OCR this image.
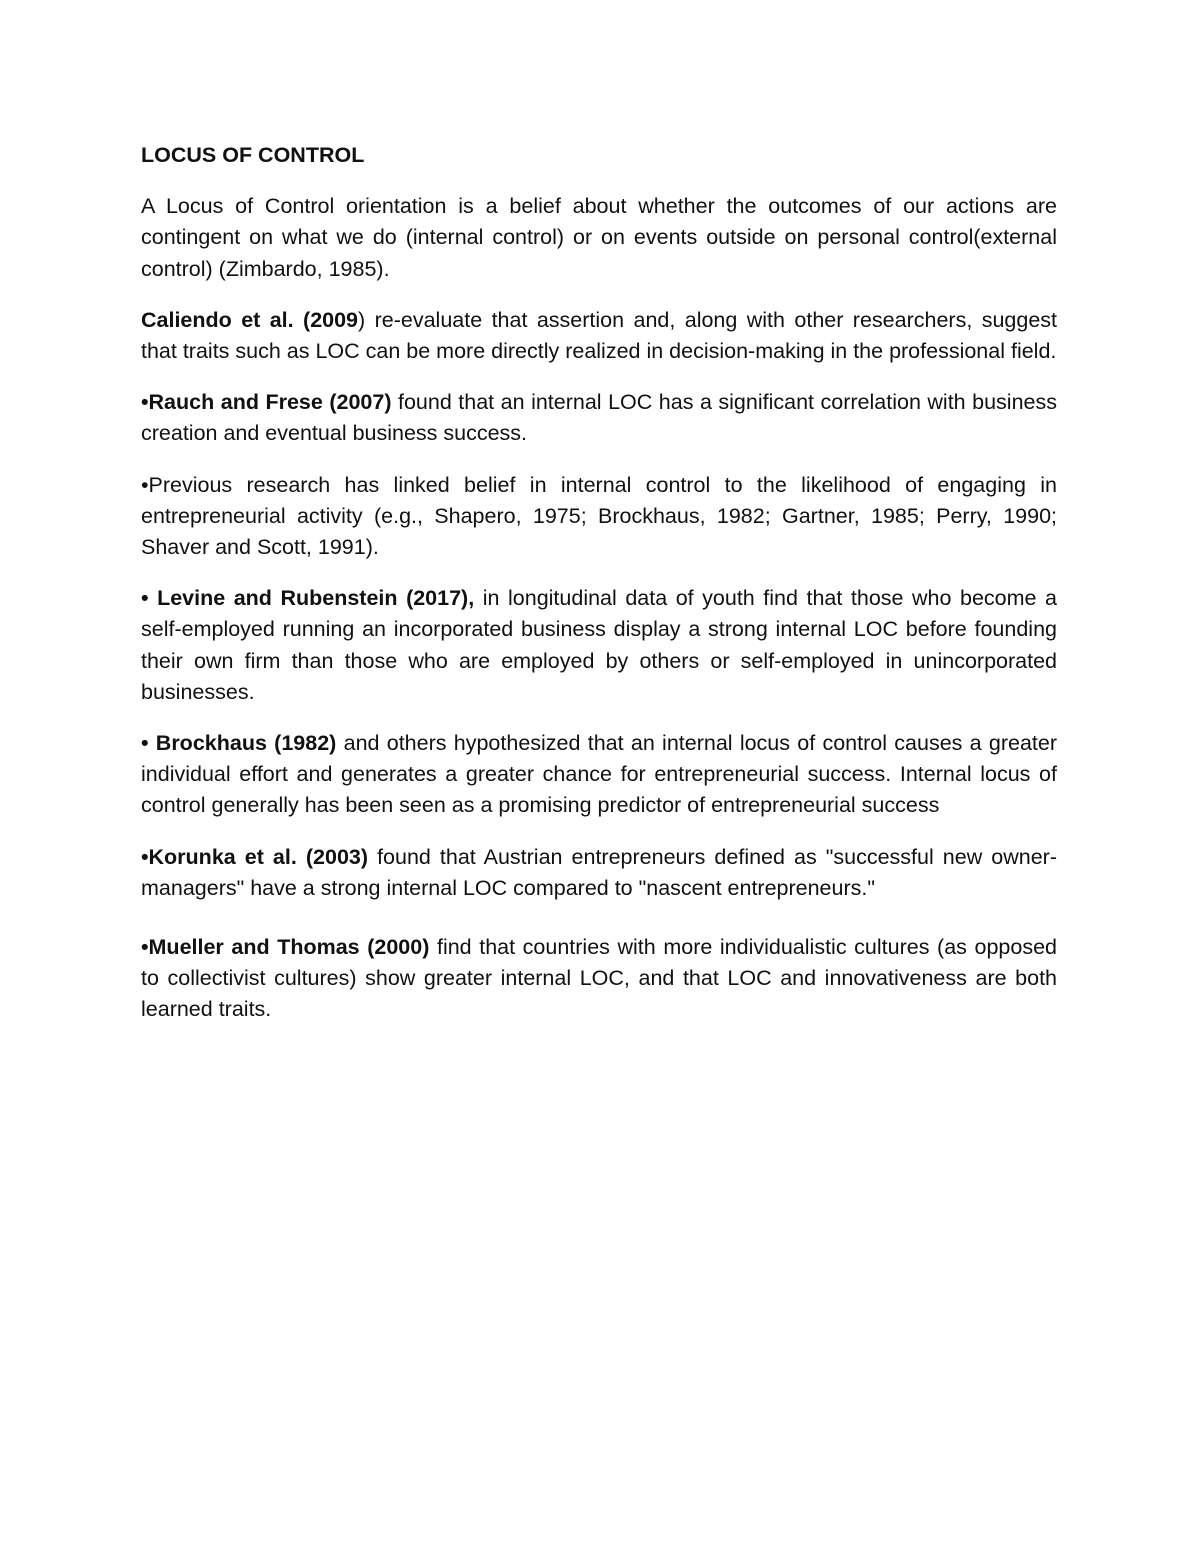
LOCUS OF CONTROL

A Locus of Control orientation is a belief about whether the outcomes of our actions are contingent on what we do (internal control) or on events outside on personal control(external control) (Zimbardo, 1985).

Caliendo et al. (2009) re-evaluate that assertion and, along with other researchers, suggest that traits such as LOC can be more directly realized in decision-making in the professional field.

•Rauch and Frese (2007) found that an internal LOC has a significant correlation with business creation and eventual business success.

•Previous research has linked belief in internal control to the likelihood of engaging in entrepreneurial activity (e.g., Shapero, 1975; Brockhaus, 1982; Gartner, 1985; Perry, 1990; Shaver and Scott, 1991).

• Levine and Rubenstein (2017), in longitudinal data of youth find that those who become a self-employed running an incorporated business display a strong internal LOC before founding their own firm than those who are employed by others or self-employed in unincorporated businesses.

• Brockhaus (1982) and others hypothesized that an internal locus of control causes a greater individual effort and generates a greater chance for entrepreneurial success. Internal locus of control generally has been seen as a promising predictor of entrepreneurial success

•Korunka et al. (2003) found that Austrian entrepreneurs defined as "successful new owner-managers" have a strong internal LOC compared to "nascent entrepreneurs."

•Mueller and Thomas (2000) find that countries with more individualistic cultures (as opposed to collectivist cultures) show greater internal LOC, and that LOC and innovativeness are both learned traits.
